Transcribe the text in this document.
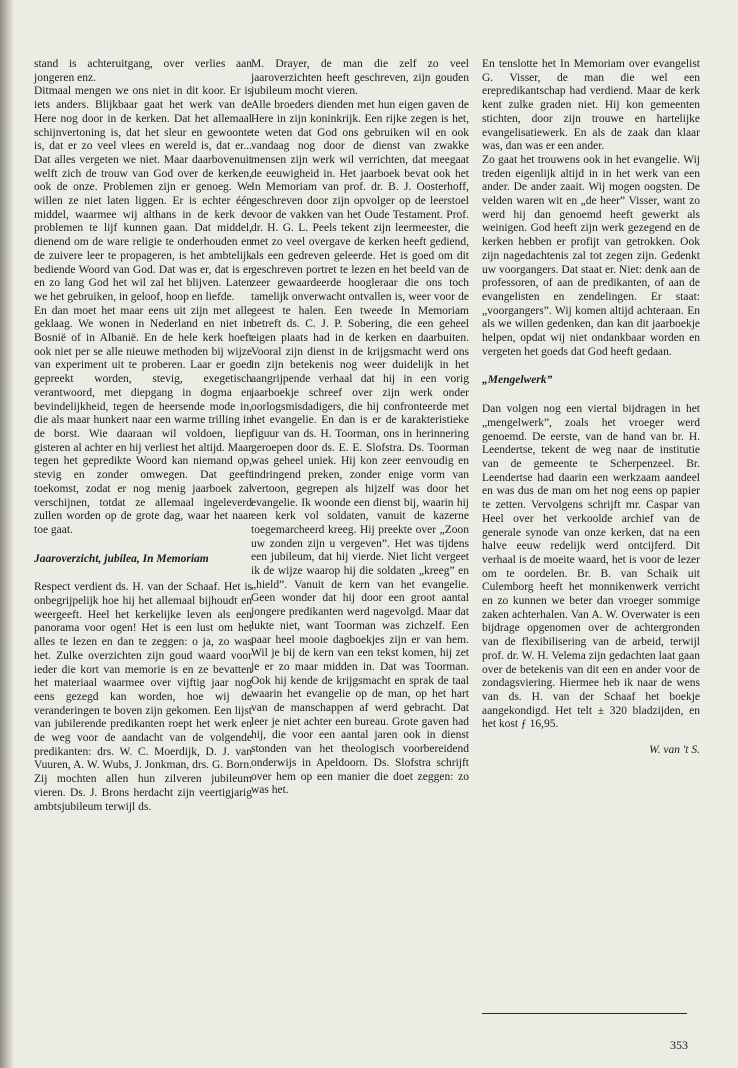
stand is achteruitgang, over verlies aan jongeren enz.

Ditmaal mengen we ons niet in dit koor. Er is iets anders. Blijkbaar gaat het werk van de Here nog door in de kerken. Dat het allemaal schijnvertoning is, dat het sleur en gewoonte is, dat er zo veel vlees en wereld is, dat er... Dat alles vergeten we niet. Maar daarbovenuit welft zich de trouw van God over de kerken, ook de onze. Problemen zijn er genoeg. We willen ze niet laten liggen. Er is echter één middel, waarmee wij althans in de kerk de problemen te lijf kunnen gaan. Dat middel, dienend om de ware religie te onderhouden en de zuivere leer te propageren, is het ambtelijk bediende Woord van God. Dat was er, dat is er en zo lang God het wil zal het blijven. Laten we het gebruiken, in geloof, hoop en liefde.

En dan moet het maar eens uit zijn met alle geklaag. We wonen in Nederland en niet in Bosnië of in Albanië. En de hele kerk hoeft ook niet per se alle nieuwe methoden bij wijze van experiment uit te proberen. Laar er goed gepreekt worden, stevig, exegetisch verantwoord, met diepgang in dogma en bevindelijkheid, tegen de heersende mode in, die als maar hunkert naar een warme trilling in de borst. Wie daaraan wil voldoen, liep gisteren al achter en hij verliest het altijd. Maar tegen het gepredikte Woord kan niemand op, stevig en zonder omwegen. Dat geeft toekomst, zodat er nog menig jaarboek zal verschijnen, totdat ze allemaal ingeleverd zullen worden op de grote dag, waar het naar toe gaat.

Jaaroverzicht, jubilea, In Memoriam

Respect verdient ds. H. van der Schaaf. Het is onbegrijpelijk hoe hij het allemaal bijhoudt en weergeeft. Heel het kerkelijke leven als een panorama voor ogen! Het is een lust om het alles te lezen en dan te zeggen: o ja, zo was het. Zulke overzichten zijn goud waard voor ieder die kort van memorie is en ze bevatten het materiaal waarmee over vijftig jaar nog eens gezegd kan worden, hoe wij de veranderingen te boven zijn gekomen. Een lijst van jubilerende predikanten roept het werk en de weg voor de aandacht van de volgende predikanten: drs. W. C. Moerdijk, D. J. van Vuuren, A. W. Wubs, J. Jonkman, drs. G. Born. Zij mochten allen hun zilveren jubileum vieren. Ds. J. Brons herdacht zijn veertigjarig ambtsjubileum terwijl ds.

M. Drayer, de man die zelf zo veel jaaroverzichten heeft geschreven, zijn gouden jubileum mocht vieren.

Alle broeders dienden met hun eigen gaven de Here in zijn koninkrijk. Een rijke zegen is het, te weten dat God ons gebruiken wil en ook vandaag nog door de dienst van zwakke mensen zijn werk wil verrichten, dat meegaat de eeuwigheid in. Het jaarboek bevat ook het In Memoriam van prof. dr. B. J. Oosterhoff, geschreven door zijn opvolger op de leerstoel voor de vakken van het Oude Testament. Prof. dr. H. G. L. Peels tekent zijn leermeester, die met zo veel overgave de kerken heeft gediend, als een gedreven geleerde. Het is goed om dit geschreven portret te lezen en het beeld van de zeer gewaardeerde hoogleraar die ons toch tamelijk onverwacht ontvallen is, weer voor de geest te halen. Een tweede In Memoriam betreft ds. C. J. P. Sobering, die een geheel eigen plaats had in de kerken en daarbuiten. Vooral zijn dienst in de krijgsmacht werd ons in zijn betekenis nog weer duidelijk in het aangrijpende verhaal dat hij in een vorig jaarboekje schreef over zijn werk onder oorlogsmisdadigers, die hij confronteerde met het evangelie. En dan is er de karakteristieke figuur van ds. H. Toorman, ons in herinnering geroepen door ds. E. E. Slofstra. Ds. Toorman was geheel uniek. Hij kon zeer eenvoudig en indringend preken, zonder enige vorm van vertoon, gegrepen als hijzelf was door het evangelie. Ik woonde een dienst bij, waarin hij een kerk vol soldaten, vanuit de kazerne toegemarcheerd kreeg. Hij preekte over „Zoon uw zonden zijn u vergeven”. Het was tijdens een jubileum, dat hij vierde. Niet licht vergeet ik de wijze waarop hij die soldaten „kreeg” en „hield”. Vanuit de kern van het evangelie. Geen wonder dat hij door een groot aantal jongere predikanten werd nagevolgd. Maar dat lukte niet, want Toorman was zichzelf. Een paar heel mooie dagboekjes zijn er van hem. Wil je bij de kern van een tekst komen, hij zet je er zo maar midden in. Dat was Toorman. Ook hij kende de krijgsmacht en sprak de taal waarin het evangelie op de man, op het hart van de manschappen af werd gebracht. Dat leer je niet achter een bureau. Grote gaven had hij, die voor een aantal jaren ook in dienst stonden van het theologisch voorbereidend onderwijs in Apeldoorn. Ds. Slofstra schrijft over hem op een manier die doet zeggen: zo was het.

En tenslotte het In Memoriam over evangelist G. Visser, de man die wel een erepredikantschap had verdiend. Maar de kerk kent zulke graden niet. Hij kon gemeenten stichten, door zijn trouwe en hartelijke evangelisatiewerk. En als de zaak dan klaar was, dan was er een ander.

Zo gaat het trouwens ook in het evangelie. Wij treden eigenlijk altijd in in het werk van een ander. De ander zaait. Wij mogen oogsten. De velden waren wit en „de heer” Visser, want zo werd hij dan genoemd heeft gewerkt als weinigen. God heeft zijn werk gezegend en de kerken hebben er profijt van getrokken. Ook zijn nagedachtenis zal tot zegen zijn. Gedenkt uw voorgangers. Dat staat er. Niet: denk aan de professoren, of aan de predikanten, of aan de evangelisten en zendelingen. Er staat: „voorgangers”. Wij komen altijd achteraan. En als we willen gedenken, dan kan dit jaarboekje helpen, opdat wij niet ondankbaar worden en vergeten het goeds dat God heeft gedaan.

„Mengelwerk”

Dan volgen nog een viertal bijdragen in het „mengelwerk”, zoals het vroeger werd genoemd. De eerste, van de hand van br. H. Leendertse, tekent de weg naar de institutie van de gemeente te Scherpenzeel. Br. Leendertse had daarin een werkzaam aandeel en was dus de man om het nog eens op papier te zetten. Vervolgens schrijft mr. Caspar van Heel over het verkoolde archief van de generale synode van onze kerken, dat na een halve eeuw redelijk werd ontcijferd. Dit verhaal is de moeite waard, het is voor de lezer om te oordelen. Br. B. van Schaik uit Culemborg heeft het monnikenwerk verricht en zo kunnen we beter dan vroeger sommige zaken achterhalen. Van A. W. Overwater is een bijdrage opgenomen over de achtergronden van de flexibilisering van de arbeid, terwijl prof. dr. W. H. Velema zijn gedachten laat gaan over de betekenis van dit een en ander voor de zondagsviering. Hiermee heb ik naar de wens van ds. H. van der Schaaf het boekje aangekondigd. Het telt ± 320 bladzijden, en het kost ƒ 16,95.

W. van 't S.
353
